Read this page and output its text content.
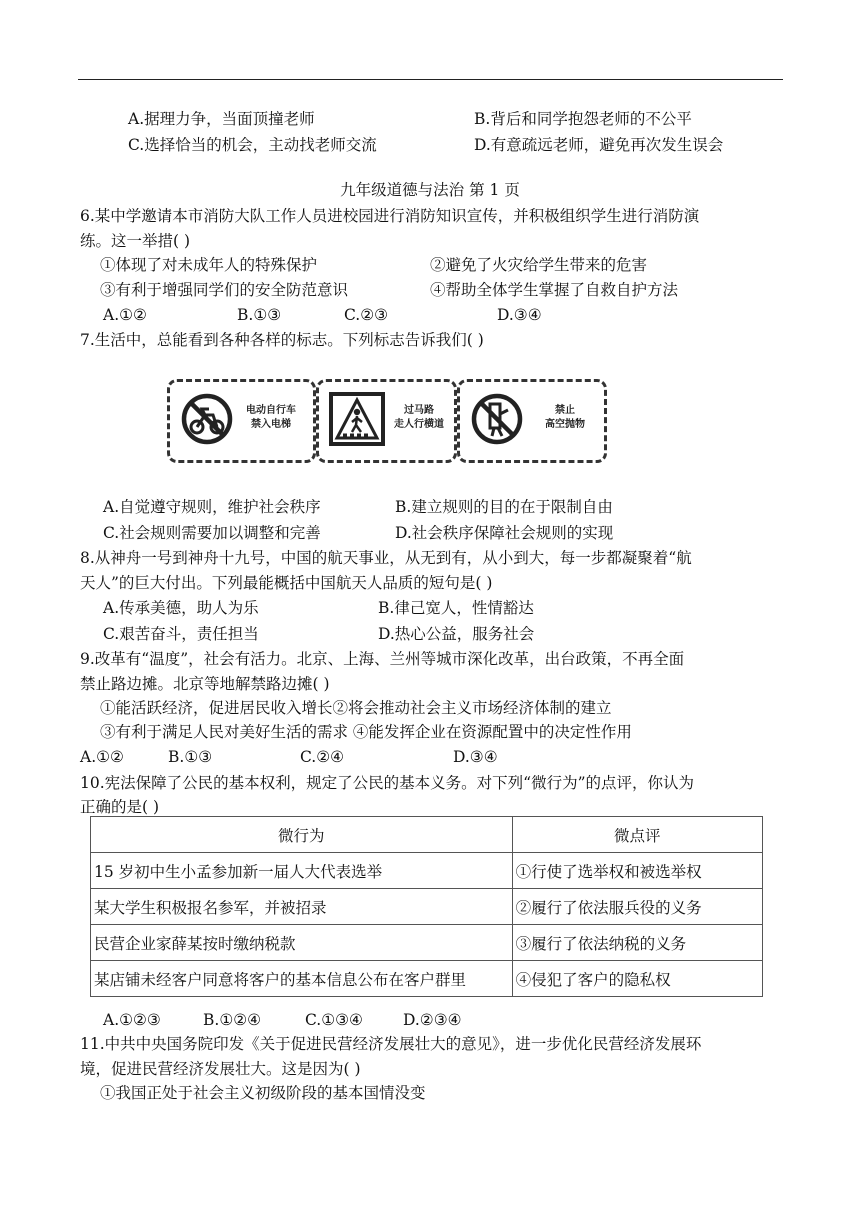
A.据理力争，当面顶撞老师	B.背后和同学抱怨老师的不公平
C.选择恰当的机会，主动找老师交流	D.有意疏远老师，避免再次发生误会
九年级道德与法治 第 1 页
6.某中学邀请本市消防大队工作人员进校园进行消防知识宣传，并积极组织学生进行消防演
练。这一举措( )
①体现了对未成年人的特殊保护	②避免了火灾给学生带来的危害
③有利于增强同学们的安全防范意识	④帮助全体学生掌握了自救自护方法
A.①②	B.①③	C.②③	D.③④
7.生活中，总能看到各种各样的标志。下列标志告诉我们( )
电动自行车
禁入电梯
过马路
走人行横道
禁止
高空抛物
A.自觉遵守规则，维护社会秩序	B.建立规则的目的在于限制自由
C.社会规则需要加以调整和完善	D.社会秩序保障社会规则的实现
8.从神舟一号到神舟十九号，中国的航天事业，从无到有，从小到大，每一步都凝聚着“航
天人”的巨大付出。下列最能概括中国航天人品质的短句是( )
A.传承美德，助人为乐	B.律己宽人，性情豁达
C.艰苦奋斗，责任担当	D.热心公益，服务社会
9.改革有“温度”，社会有活力。北京、上海、兰州等城市深化改革，出台政策，不再全面
禁止路边摊。北京等地解禁路边摊( )
①能活跃经济，促进居民收入增长②将会推动社会主义市场经济体制的建立
③有利于满足人民对美好生活的需求 ④能发挥企业在资源配置中的决定性作用
A.①②	B.①③	C.②④	D.③④
10.宪法保障了公民的基本权利，规定了公民的基本义务。对下列“微行为”的点评，你认为
正确的是( )
微行为	微点评
15 岁初中生小孟参加新一届人大代表选举	①行使了选举权和被选举权
某大学生积极报名参军，并被招录	②履行了依法服兵役的义务
民营企业家薛某按时缴纳税款	③履行了依法纳税的义务
某店铺未经客户同意将客户的基本信息公布在客户群里	④侵犯了客户的隐私权
A.①②③	B.①②④	C.①③④	D.②③④
11.中共中央国务院印发《关于促进民营经济发展壮大的意见》，进一步优化民营经济发展环
境，促进民营经济发展壮大。这是因为( )
①我国正处于社会主义初级阶段的基本国情没变
